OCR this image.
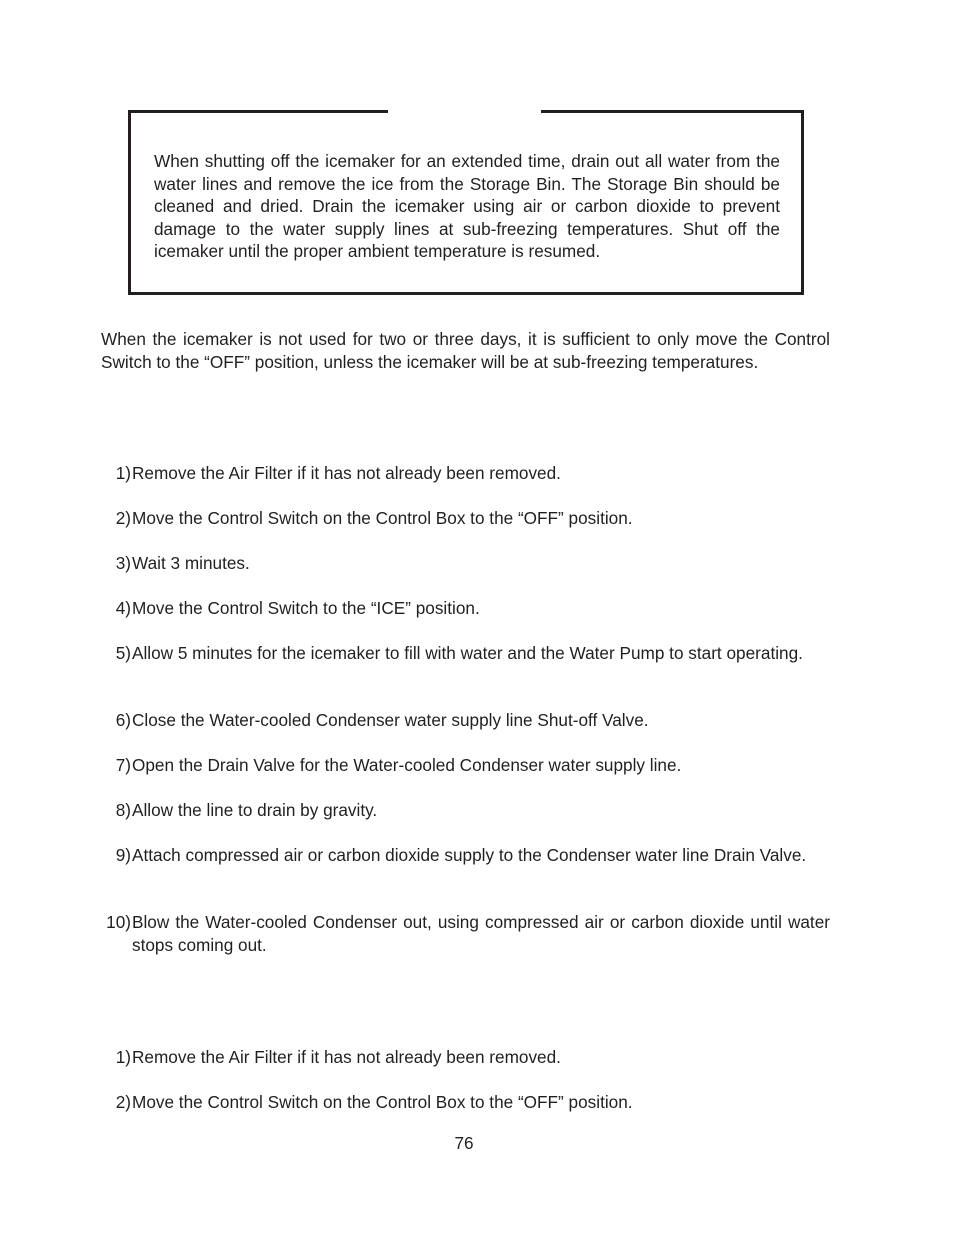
When shutting off the icemaker for an extended time, drain out all water from the water lines and remove the ice from the Storage Bin. The Storage Bin should be cleaned and dried. Drain the icemaker using air or carbon dioxide to prevent damage to the water supply lines at sub-freezing temperatures. Shut off the icemaker until the proper ambient temperature is resumed.

When the icemaker is not used for two or three days, it is sufficient to only move the Control Switch to the “OFF” position, unless the icemaker will be at sub-freezing temperatures.

1) Remove the Air Filter if it has not already been removed.
2) Move the Control Switch on the Control Box to the “OFF” position.
3) Wait 3 minutes.
4) Move the Control Switch to the “ICE” position.
5) Allow 5 minutes for the icemaker to fill with water and the Water Pump to start operating.
6) Close the Water-cooled Condenser water supply line Shut-off Valve.
7) Open the Drain Valve for the Water-cooled Condenser water supply line.
8) Allow the line to drain by gravity.
9) Attach compressed air or carbon dioxide supply to the Condenser water line Drain Valve.
10) Blow the Water-cooled Condenser out, using compressed air or carbon dioxide until water stops coming out.
1) Remove the Air Filter if it has not already been removed.
2) Move the Control Switch on the Control Box to the “OFF” position.
76
